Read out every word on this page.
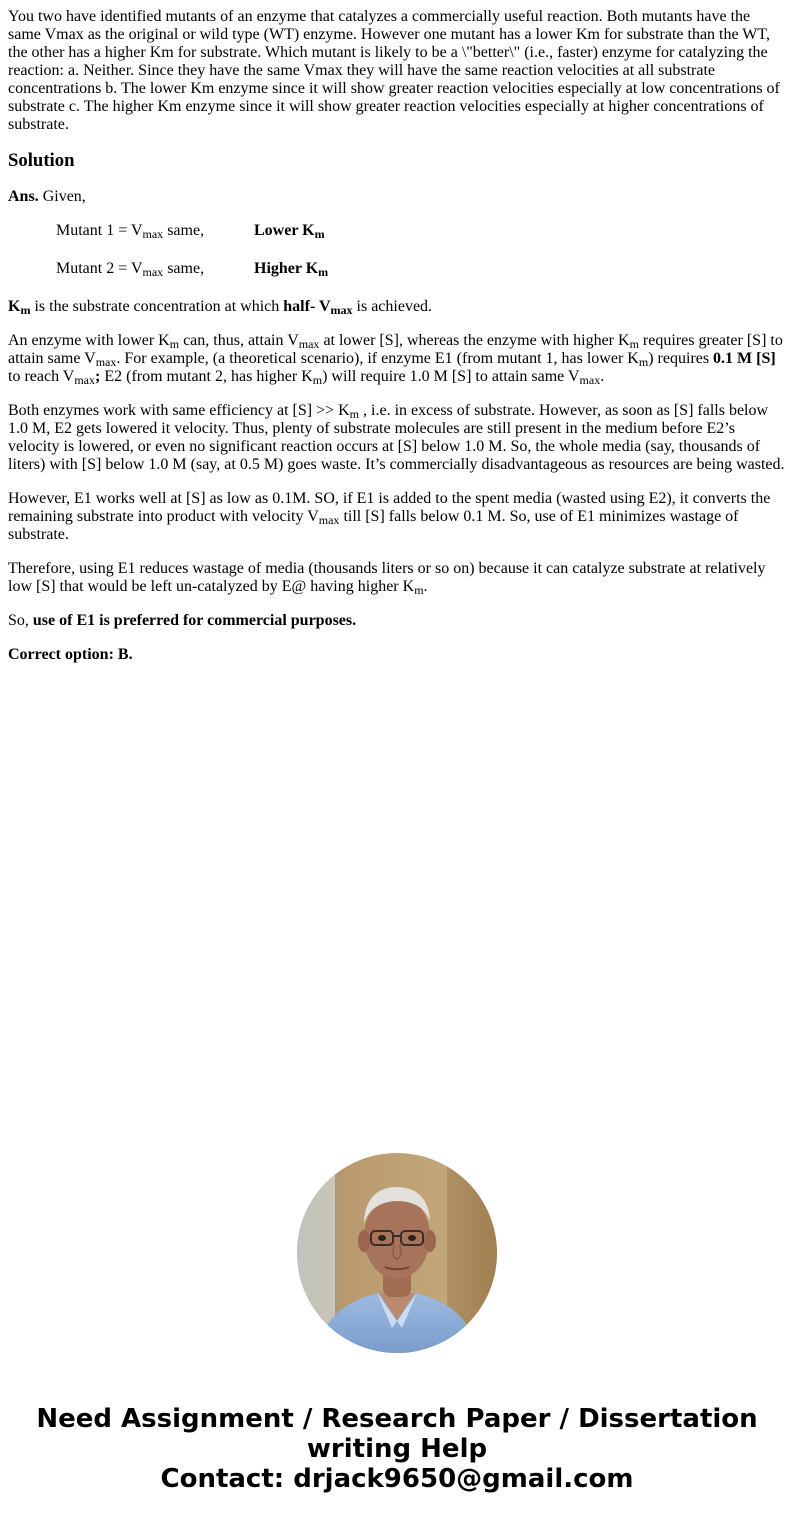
You two have identified mutants of an enzyme that catalyzes a commercially useful reaction. Both mutants have the same Vmax as the original or wild type (WT) enzyme. However one mutant has a lower Km for substrate than the WT, the other has a higher Km for substrate. Which mutant is likely to be a \"better\" (i.e., faster) enzyme for catalyzing the reaction: a. Neither. Since they have the same Vmax they will have the same reaction velocities at all substrate concentrations b. The lower Km enzyme since it will show greater reaction velocities especially at low concentrations of substrate c. The higher Km enzyme since it will show greater reaction velocities especially at higher concentrations of substrate.

Solution

Ans. Given,

Mutant $1 = V_{max}$ same,	Lower $K_m$
Mutant $2 = V_{max}$ same,	Higher $K_m$

$K_m$ is the substrate concentration at which half- $V_{max}$ is achieved.

An enzyme with lower $K_m$ can, thus, attain $V_{max}$ at lower [S], whereas the enzyme with higher $K_m$ requires greater [S] to attain same $V_{max}$. For example, (a theoretical scenario), if enzyme E1 (from mutant 1, has lower $K_m$) requires 0.1 M [S] to reach $V_{max}$; E2 (from mutant 2, has higher $K_m$) will require 1.0 M [S] to attain same $V_{max}$.

Both enzymes work with same efficiency at $[S] >> K_m$ , i.e. in excess of substrate. However, as soon as [S] falls below 1.0 M, E2 gets lowered it velocity. Thus, plenty of substrate molecules are still present in the medium before E2’s velocity is lowered, or even no significant reaction occurs at [S] below 1.0 M. So, the whole media (say, thousands of liters) with [S] below 1.0 M (say, at 0.5 M) goes waste. It’s commercially disadvantageous as resources are being wasted.

However, E1 works well at [S] as low as 0.1M. SO, if E1 is added to the spent media (wasted using E2), it converts the remaining substrate into product with velocity $V_{max}$ till [S] falls below 0.1 M. So, use of E1 minimizes wastage of substrate.

Therefore, using E1 reduces wastage of media (thousands liters or so on) because it can catalyze substrate at relatively low [S] that would be left un-catalyzed by E@ having higher $K_m$.

So, use of E1 is preferred for commercial purposes.

Correct option: B.

Need Assignment / Research Paper / Dissertation
writing Help
Contact: drjack9650@gmail.com
